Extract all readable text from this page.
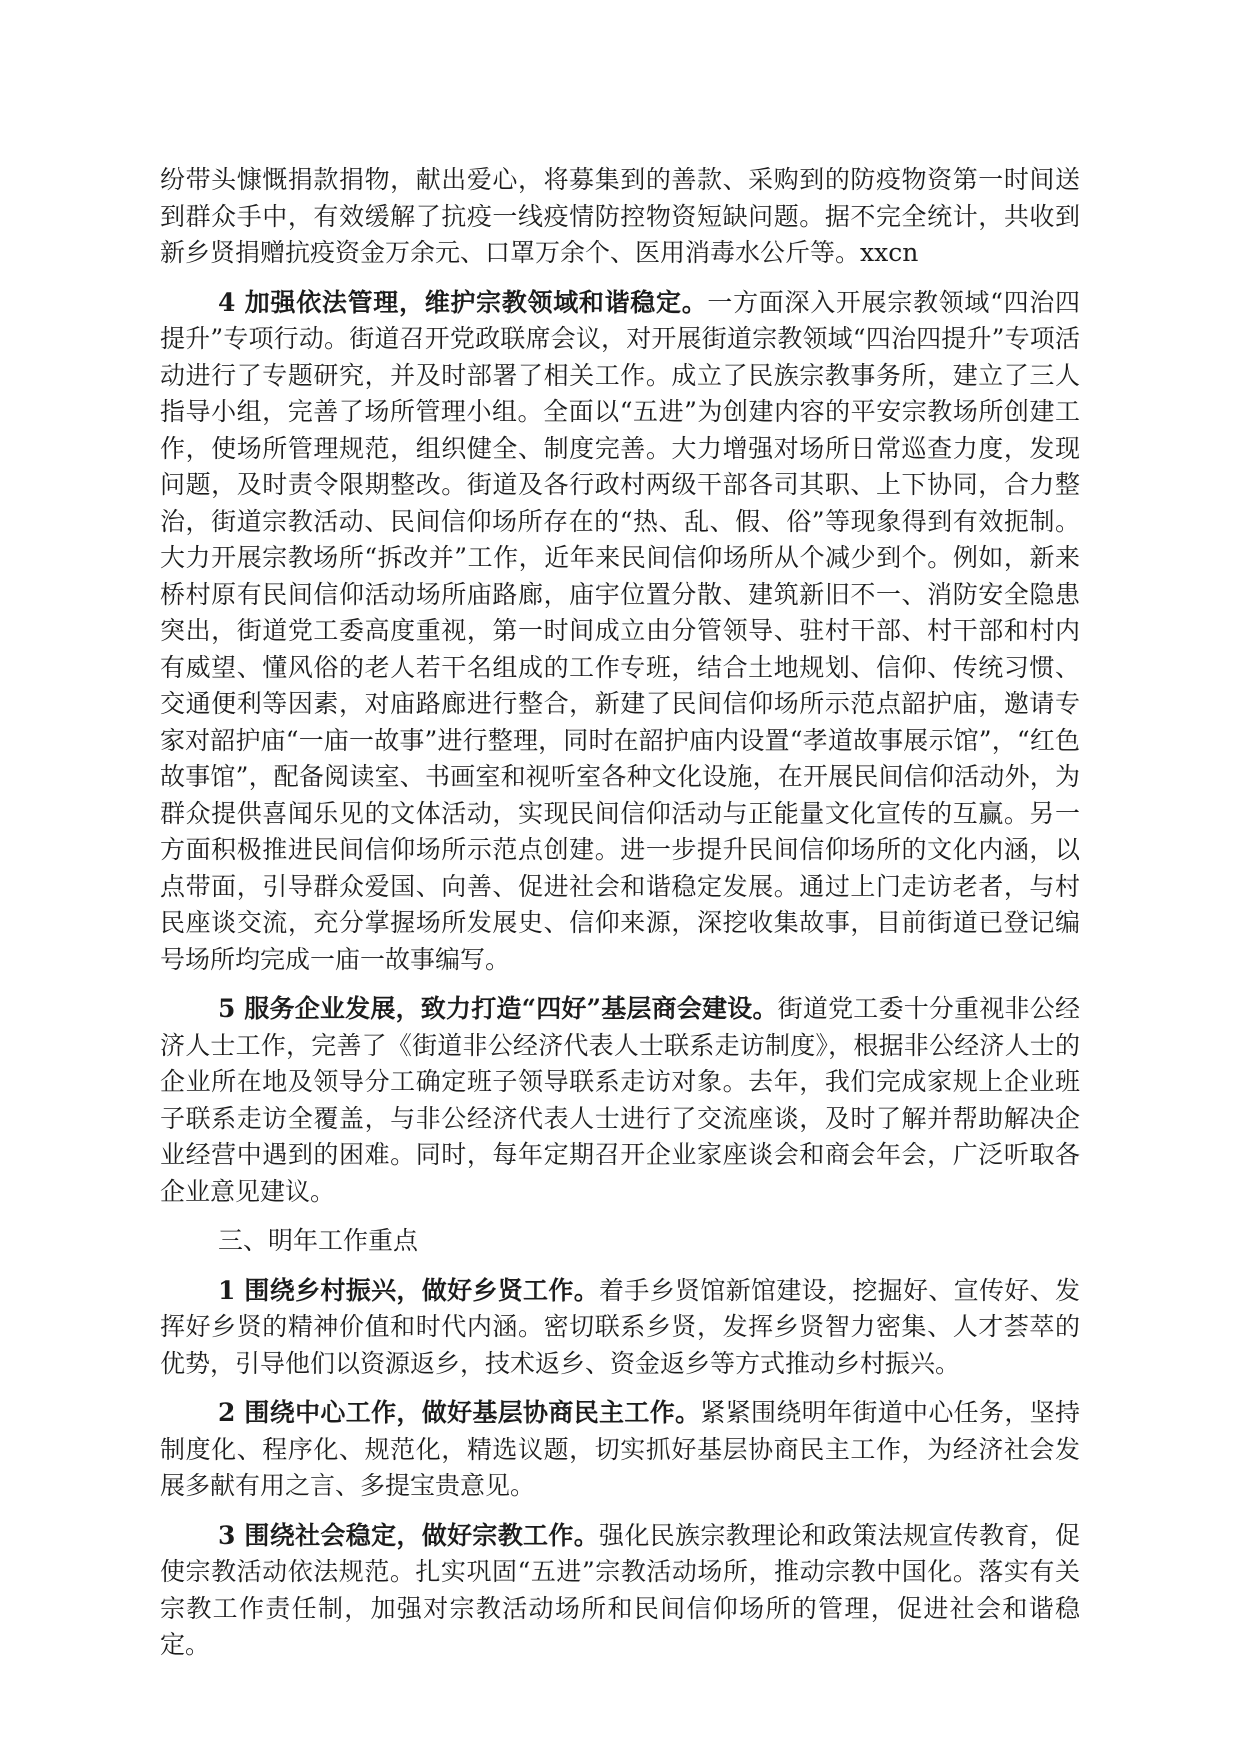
纷带头慷慨捐款捐物，献出爱心，将募集到的善款、采购到的防疫物资第一时间送到群众手中，有效缓解了抗疫一线疫情防控物资短缺问题。据不完全统计，共收到新乡贤捐赠抗疫资金万余元、口罩万余个、医用消毒水公斤等。xxcn

4 加强依法管理，维护宗教领域和谐稳定。一方面深入开展宗教领域“四治四提升”专项行动。街道召开党政联席会议，对开展街道宗教领域“四治四提升”专项活动进行了专题研究，并及时部署了相关工作。成立了民族宗教事务所，建立了三人指导小组，完善了场所管理小组。全面以“五进”为创建内容的平安宗教场所创建工作，使场所管理规范，组织健全、制度完善。大力增强对场所日常巡查力度，发现问题，及时责令限期整改。街道及各行政村两级干部各司其职、上下协同，合力整治，街道宗教活动、民间信仰场所存在的“热、乱、假、俗”等现象得到有效扼制。大力开展宗教场所“拆改并”工作，近年来民间信仰场所从个减少到个。例如，新来桥村原有民间信仰活动场所庙路廊，庙宇位置分散、建筑新旧不一、消防安全隐患突出，街道党工委高度重视，第一时间成立由分管领导、驻村干部、村干部和村内有威望、懂风俗的老人若干名组成的工作专班，结合土地规划、信仰、传统习惯、交通便利等因素，对庙路廊进行整合，新建了民间信仰场所示范点韶护庙，邀请专家对韶护庙“一庙一故事”进行整理，同时在韶护庙内设置“孝道故事展示馆”，“红色故事馆”，配备阅读室、书画室和视听室各种文化设施，在开展民间信仰活动外，为群众提供喜闻乐见的文体活动，实现民间信仰活动与正能量文化宣传的互赢。另一方面积极推进民间信仰场所示范点创建。进一步提升民间信仰场所的文化内涵，以点带面，引导群众爱国、向善、促进社会和谐稳定发展。通过上门走访老者，与村民座谈交流，充分掌握场所发展史、信仰来源，深挖收集故事，目前街道已登记编号场所均完成一庙一故事编写。

5 服务企业发展，致力打造“四好”基层商会建设。街道党工委十分重视非公经济人士工作，完善了《街道非公经济代表人士联系走访制度》，根据非公经济人士的企业所在地及领导分工确定班子领导联系走访对象。去年，我们完成家规上企业班子联系走访全覆盖，与非公经济代表人士进行了交流座谈，及时了解并帮助解决企业经营中遇到的困难。同时，每年定期召开企业家座谈会和商会年会，广泛听取各企业意见建议。

三、明年工作重点

1 围绕乡村振兴，做好乡贤工作。着手乡贤馆新馆建设，挖掘好、宣传好、发挥好乡贤的精神价值和时代内涵。密切联系乡贤，发挥乡贤智力密集、人才荟萃的优势，引导他们以资源返乡，技术返乡、资金返乡等方式推动乡村振兴。

2 围绕中心工作，做好基层协商民主工作。紧紧围绕明年街道中心任务，坚持制度化、程序化、规范化，精选议题，切实抓好基层协商民主工作，为经济社会发展多献有用之言、多提宝贵意见。

3 围绕社会稳定，做好宗教工作。强化民族宗教理论和政策法规宣传教育，促使宗教活动依法规范。扎实巩固“五进”宗教活动场所，推动宗教中国化。落实有关宗教工作责任制，加强对宗教活动场所和民间信仰场所的管理，促进社会和谐稳定。
